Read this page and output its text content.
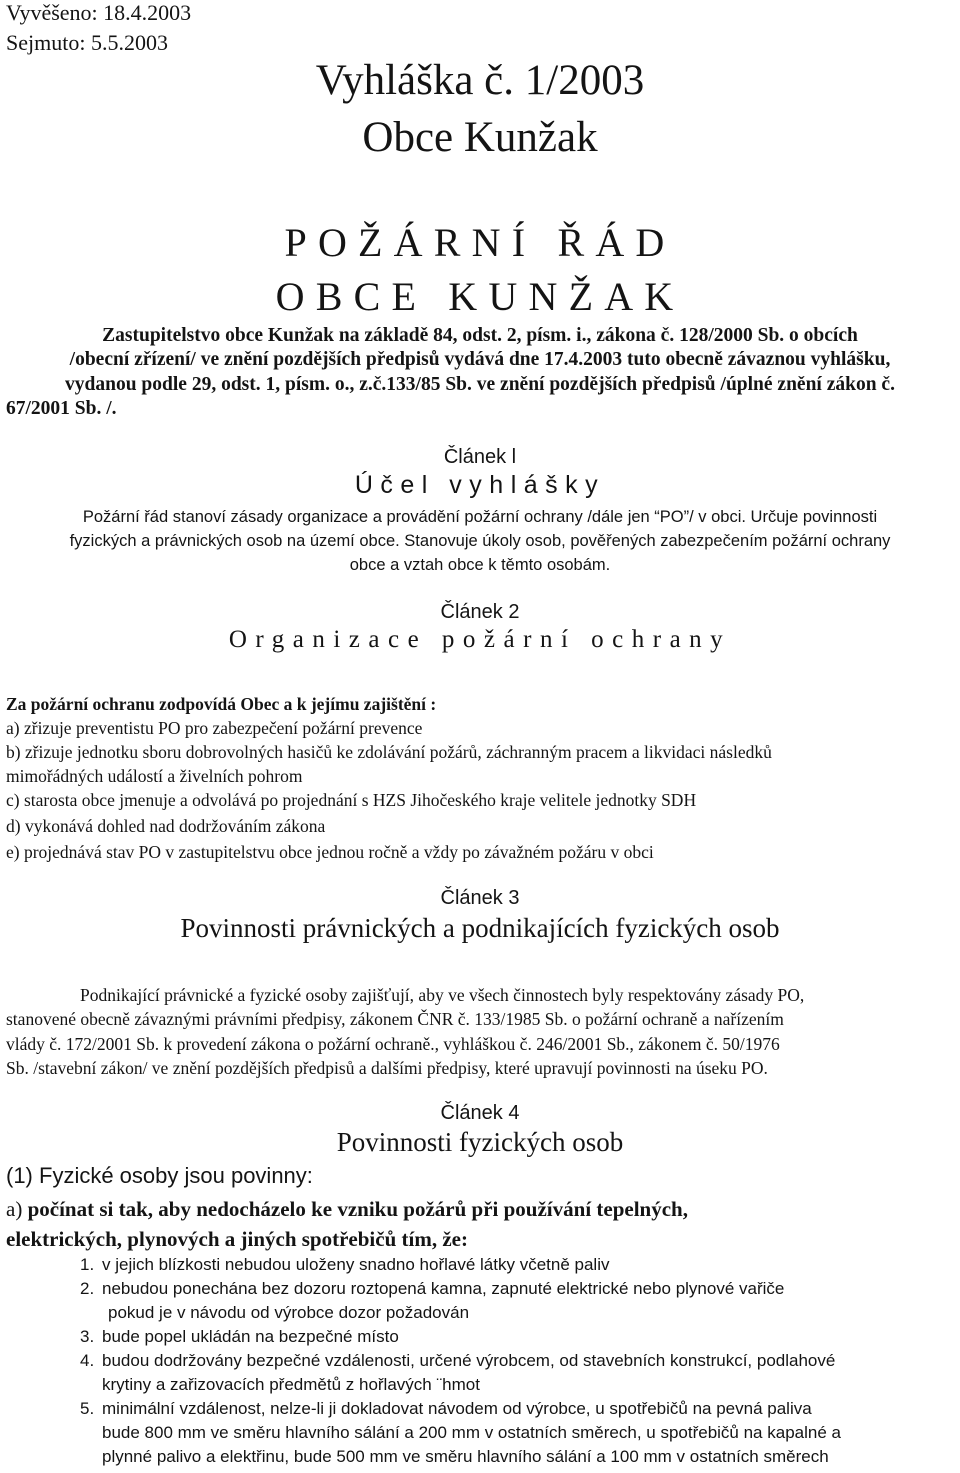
Vyvěšeno: 18.4.2003
Sejmuto: 5.5.2003
Vyhláška č. 1/2003
Obce Kunžak
POŽÁRNÍ ŘÁD
OBCE KUNŽAK
Zastupitelstvo obce Kunžak na základě 84, odst. 2, písm. i., zákona č. 128/2000 Sb. o obcích
/obecní zřízení/ ve znění pozdějších předpisů vydává dne 17.4.2003 tuto obecně závaznou vyhlášku,
vydanou podle 29, odst. 1, písm. o., z.č.133/85 Sb. ve znění pozdějších předpisů /úplné znění zákon č.
67/2001 Sb. /.
Článek l
Účel vyhlášky
Požární řád stanoví zásady organizace a provádění požární ochrany /dále jen “PO”/ v obci. Určuje povinnosti
fyzických a právnických osob na území obce. Stanovuje úkoly osob, pověřených zabezpečením požární ochrany
obce a vztah obce k těmto osobám.
Článek 2
Organizace požární ochrany
Za požární ochranu zodpovídá Obec a k jejímu zajištění :
a) zřizuje preventistu PO pro zabezpečení požární prevence
b) zřizuje jednotku sboru dobrovolných hasičů ke zdolávání požárů, záchranným pracem a likvidaci následků
mimořádných událostí a živelních pohrom
c) starosta obce jmenuje a odvolává po projednání s HZS Jihočeského kraje velitele jednotky SDH
d) vykonává dohled nad dodržováním zákona
e) projednává stav PO v zastupitelstvu obce jednou ročně a vždy po závažném požáru v obci
Článek 3
Povinnosti právnických a podnikajících fyzických osob
Podnikající právnické a fyzické osoby zajišťují, aby ve všech činnostech byly respektovány zásady PO,
stanovené obecně závaznými právními předpisy, zákonem ČNR č. 133/1985 Sb. o požární ochraně a nařízením
vlády č. 172/2001 Sb. k provedení zákona o požární ochraně., vyhláškou č. 246/2001 Sb., zákonem č. 50/1976
Sb. /stavební zákon/ ve znění pozdějších předpisů a dalšími předpisy, které upravují povinnosti na úseku PO.
Článek 4
Povinnosti fyzických osob
(1) Fyzické osoby jsou povinny:
a) počínat si tak, aby nedocházelo ke vzniku požárů při používání tepelných,
elektrických, plynových a jiných spotřebičů tím, že:
1. v jejich blízkosti nebudou uloženy snadno hořlavé látky včetně paliv
2. nebudou ponechána bez dozoru roztopená kamna, zapnuté elektrické nebo plynové vařiče
pokud je v návodu od výrobce dozor požadován
3. bude popel ukládán na bezpečné místo
4. budou dodržovány bezpečné vzdálenosti, určené výrobcem, od stavebních konstrukcí, podlahové
krytiny a zařizovacích předmětů z hořlavých ¨hmot
5. minimální vzdálenost, nelze-li ji dokladovat návodem od výrobce, u spotřebičů na pevná paliva
bude 800 mm ve směru hlavního sálání a 200 mm v ostatních směrech, u spotřebičů na kapalné a
plynné palivo a elektřinu, bude 500 mm ve směru hlavního sálání a 100 mm v ostatních směrech
